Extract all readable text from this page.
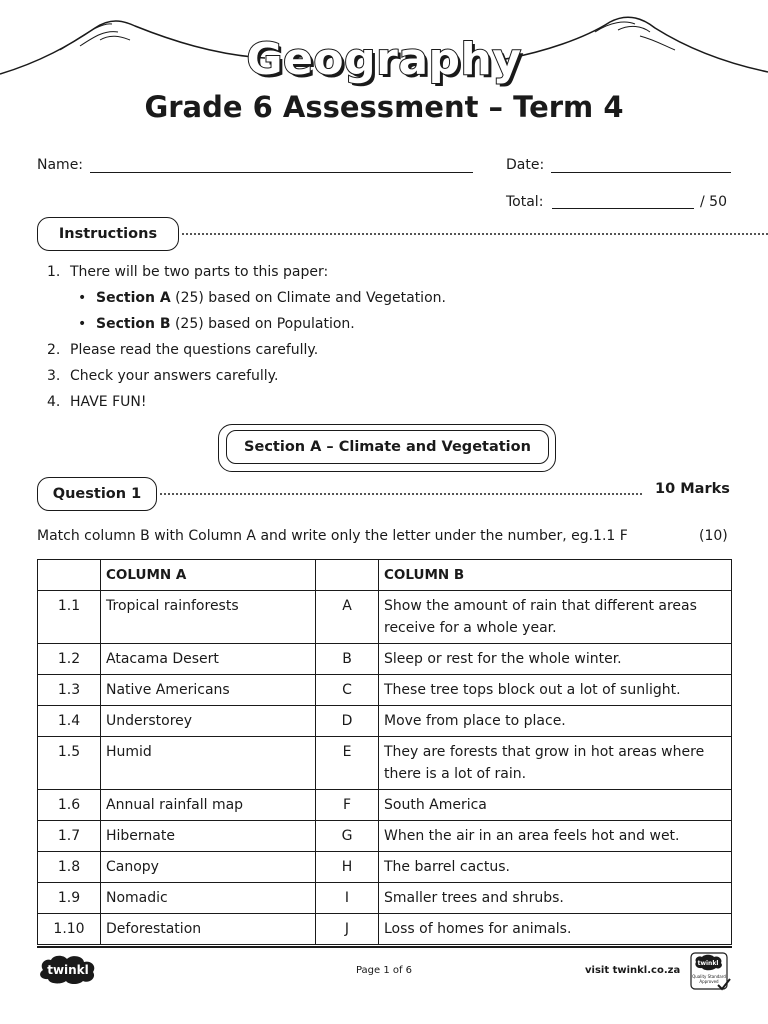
Geography
Grade 6 Assessment – Term 4
Name:	Date:
Total:	/ 50
Instructions
1. There will be two parts to this paper:
• Section A (25) based on Climate and Vegetation.
• Section B (25) based on Population.
2. Please read the questions carefully.
3. Check your answers carefully.
4. HAVE FUN!
Section A – Climate and Vegetation
Question 1	10 Marks
Match column B with Column A and write only the letter under the number, eg.1.1 F	(10)
	COLUMN A		COLUMN B
1.1	Tropical rainforests	A	Show the amount of rain that different areas receive for a whole year.
1.2	Atacama Desert	B	Sleep or rest for the whole winter.
1.3	Native Americans	C	These tree tops block out a lot of sunlight.
1.4	Understorey	D	Move from place to place.
1.5	Humid	E	They are forests that grow in hot areas where there is a lot of rain.
1.6	Annual rainfall map	F	South America
1.7	Hibernate	G	When the air in an area feels hot and wet.
1.8	Canopy	H	The barrel cactus.
1.9	Nomadic	I	Smaller trees and shrubs.
1.10	Deforestation	J	Loss of homes for animals.
twinkl	Page 1 of 6	visit twinkl.co.za
twinkl
Quality Standard
Approved
